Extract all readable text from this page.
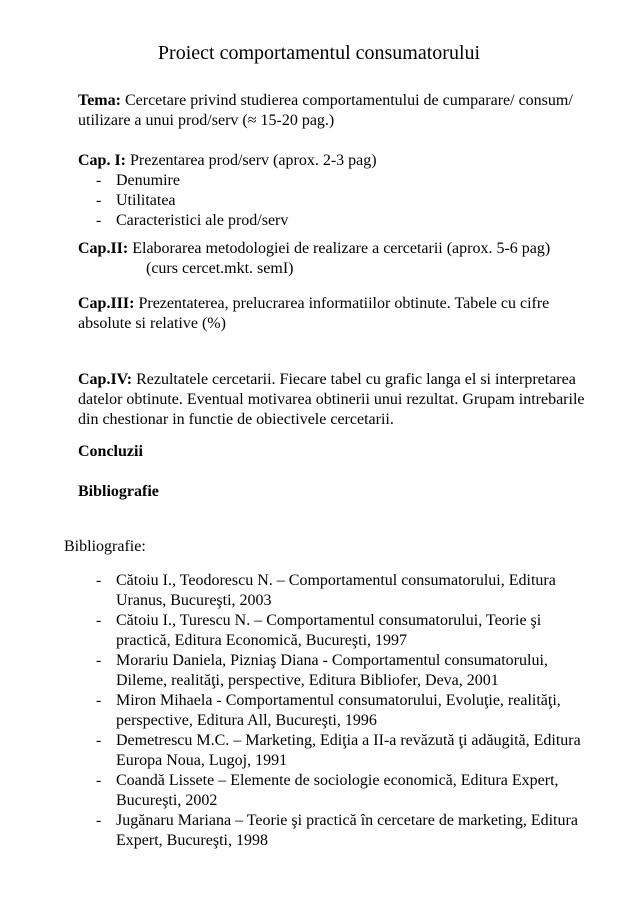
Proiect comportamentul consumatorului
Tema: Cercetare privind studierea comportamentului de cumparare/ consum/
utilizare a unui prod/serv (≈ 15-20 pag.)
Cap. I: Prezentarea prod/serv (aprox. 2-3 pag)
- Denumire
- Utilitatea
- Caracteristici ale prod/serv
Cap.II: Elaborarea metodologiei de realizare a cercetarii (aprox. 5-6 pag)
(curs cercet.mkt. semI)
Cap.III: Prezentaterea, prelucrarea informatiilor obtinute. Tabele cu cifre
absolute si relative (%)
Cap.IV: Rezultatele cercetarii. Fiecare tabel cu grafic langa el si interpretarea
datelor obtinute. Eventual motivarea obtinerii unui rezultat. Grupam intrebarile
din chestionar in functie de obiectivele cercetarii.
Concluzii
Bibliografie
Bibliografie:
- Cătoiu I., Teodorescu N. – Comportamentul consumatorului, Editura
Uranus, Bucureşti, 2003
- Cătoiu I., Turescu N. – Comportamentul consumatorului, Teorie şi
practică, Editura Economică, Bucureşti, 1997
- Morariu Daniela, Pizniaş Diana - Comportamentul consumatorului,
Dileme, realităţi, perspective, Editura Bibliofer, Deva, 2001
- Miron Mihaela - Comportamentul consumatorului, Evoluţie, realităţi,
perspective, Editura All, Bucureşti, 1996
- Demetrescu M.C. – Marketing, Ediţia a II-a revăzută ţi adăugită, Editura
Europa Noua, Lugoj, 1991
- Coandă Lissete – Elemente de sociologie economică, Editura Expert,
Bucureşti, 2002
- Jugănaru Mariana – Teorie şi practică în cercetare de marketing, Editura
Expert, Bucureşti, 1998
